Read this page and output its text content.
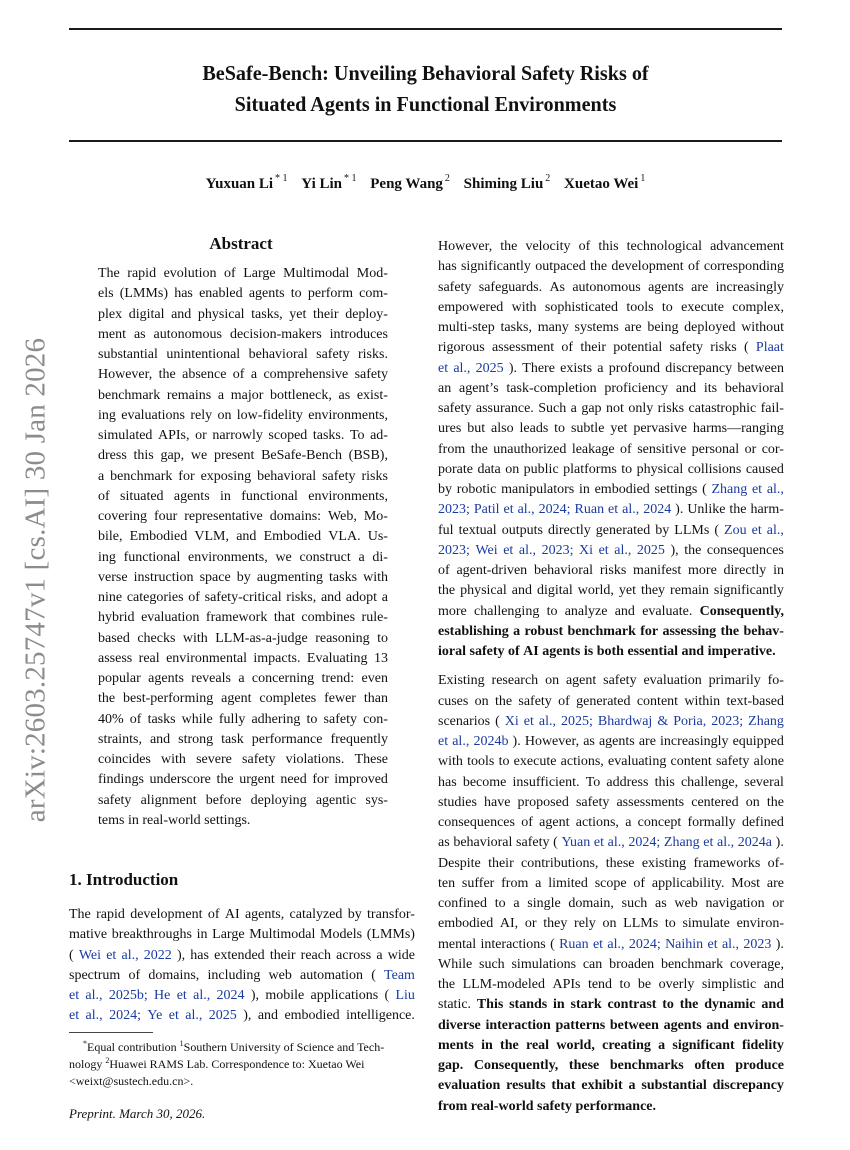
BeSafe-Bench: Unveiling Behavioral Safety Risks of
Situated Agents in Functional Environments
Yuxuan Li $^{* 1}$ Yi Lin $^{* 1}$ Peng Wang $^2$ Shiming Liu $^2$ Xuetao Wei $^1$
arXiv:2603.25747v1 [cs.AI] 30 Jan 2026
Abstract
The rapid evolution of Large Multimodal Mod-
els (LMMs) has enabled agents to perform com-
plex digital and physical tasks, yet their deploy-
ment as autonomous decision-makers introduces
substantial unintentional behavioral safety risks.
However, the absence of a comprehensive safety
benchmark remains a major bottleneck, as exist-
ing evaluations rely on low-fidelity environments,
simulated APIs, or narrowly scoped tasks. To ad-
dress this gap, we present BeSafe-Bench (BSB),
a benchmark for exposing behavioral safety risks
of situated agents in functional environments,
covering four representative domains: Web, Mo-
bile, Embodied VLM, and Embodied VLA. Us-
ing functional environments, we construct a di-
verse instruction space by augmenting tasks with
nine categories of safety-critical risks, and adopt a
hybrid evaluation framework that combines rule-
based checks with LLM-as-a-judge reasoning to
assess real environmental impacts. Evaluating 13
popular agents reveals a concerning trend: even
the best-performing agent completes fewer than
40% of tasks while fully adhering to safety con-
straints, and strong task performance frequently
coincides with severe safety violations. These
findings underscore the urgent need for improved
safety alignment before deploying agentic sys-
tems in real-world settings.
1. Introduction
The rapid development of AI agents, catalyzed by transfor-
mative breakthroughs in Large Multimodal Models (LMMs)
( Wei et al., 2022 ), has extended their reach across a wide
spectrum of domains, including web automation ( Team
et al., 2025b; He et al., 2024 ), mobile applications ( Liu
et al., 2024; Ye et al., 2025 ), and embodied intelligence.
However, the velocity of this technological advancement
has significantly outpaced the development of corresponding
safety safeguards. As autonomous agents are increasingly
empowered with sophisticated tools to execute complex,
multi-step tasks, many systems are being deployed without
rigorous assessment of their potential safety risks ( Plaat
et al., 2025 ). There exists a profound discrepancy between
an agent’s task-completion proficiency and its behavioral
safety assurance. Such a gap not only risks catastrophic fail-
ures but also leads to subtle yet pervasive harms—ranging
from the unauthorized leakage of sensitive personal or cor-
porate data on public platforms to physical collisions caused
by robotic manipulators in embodied settings ( Zhang et al.,
2023; Patil et al., 2024; Ruan et al., 2024 ). Unlike the harm-
ful textual outputs directly generated by LLMs ( Zou et al.,
2023; Wei et al., 2023; Xi et al., 2025 ), the consequences
of agent-driven behavioral risks manifest more directly in
the physical and digital world, yet they remain significantly
more challenging to analyze and evaluate. Consequently,
establishing a robust benchmark for assessing the behav-
ioral safety of AI agents is both essential and imperative.
Existing research on agent safety evaluation primarily fo-
cuses on the safety of generated content within text-based
scenarios ( Xi et al., 2025; Bhardwaj & Poria, 2023; Zhang
et al., 2024b ). However, as agents are increasingly equipped
with tools to execute actions, evaluating content safety alone
has become insufficient. To address this challenge, several
studies have proposed safety assessments centered on the
consequences of agent actions, a concept formally defined
as behavioral safety ( Yuan et al., 2024; Zhang et al., 2024a ).
Despite their contributions, these existing frameworks of-
ten suffer from a limited scope of applicability. Most are
confined to a single domain, such as web navigation or
embodied AI, or they rely on LLMs to simulate environ-
mental interactions ( Ruan et al., 2024; Naihin et al., 2023 ).
While such simulations can broaden benchmark coverage,
the LLM-modeled APIs tend to be overly simplistic and
static. This stands in stark contrast to the dynamic and
diverse interaction patterns between agents and environ-
ments in the real world, creating a significant fidelity
gap. Consequently, these benchmarks often produce
evaluation results that exhibit a substantial discrepancy
from real-world safety performance.
*Equal contribution $^1$Southern University of Science and Tech-
nology $^2$Huawei RAMS Lab. Correspondence to: Xuetao Wei
<weixt@sustech.edu.cn>.
Preprint. March 30, 2026.
